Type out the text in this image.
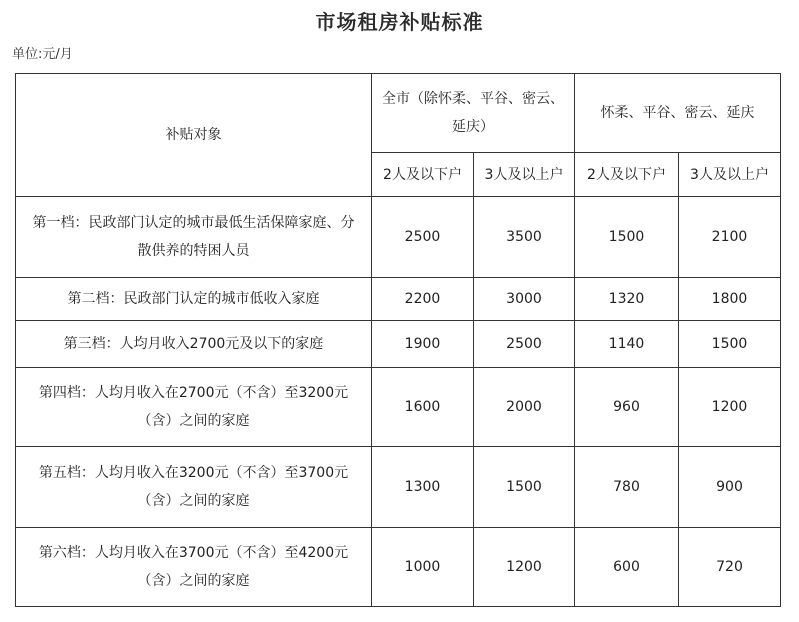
市场租房补贴标准
单位:元/月
补贴对象	全市（除怀柔、平谷、密云、延庆）		怀柔、平谷、密云、延庆	
	2人及以下户	3人及以上户	2人及以下户	3人及以上户
第一档：民政部门认定的城市最低生活保障家庭、分散供养的特困人员	2500	3500	1500	2100
第二档：民政部门认定的城市低收入家庭	2200	3000	1320	1800
第三档：人均月收入2700元及以下的家庭	1900	2500	1140	1500
第四档：人均月收入在2700元（不含）至3200元（含）之间的家庭	1600	2000	960	1200
第五档：人均月收入在3200元（不含）至3700元（含）之间的家庭	1300	1500	780	900
第六档：人均月收入在3700元（不含）至4200元（含）之间的家庭	1000	1200	600	720
